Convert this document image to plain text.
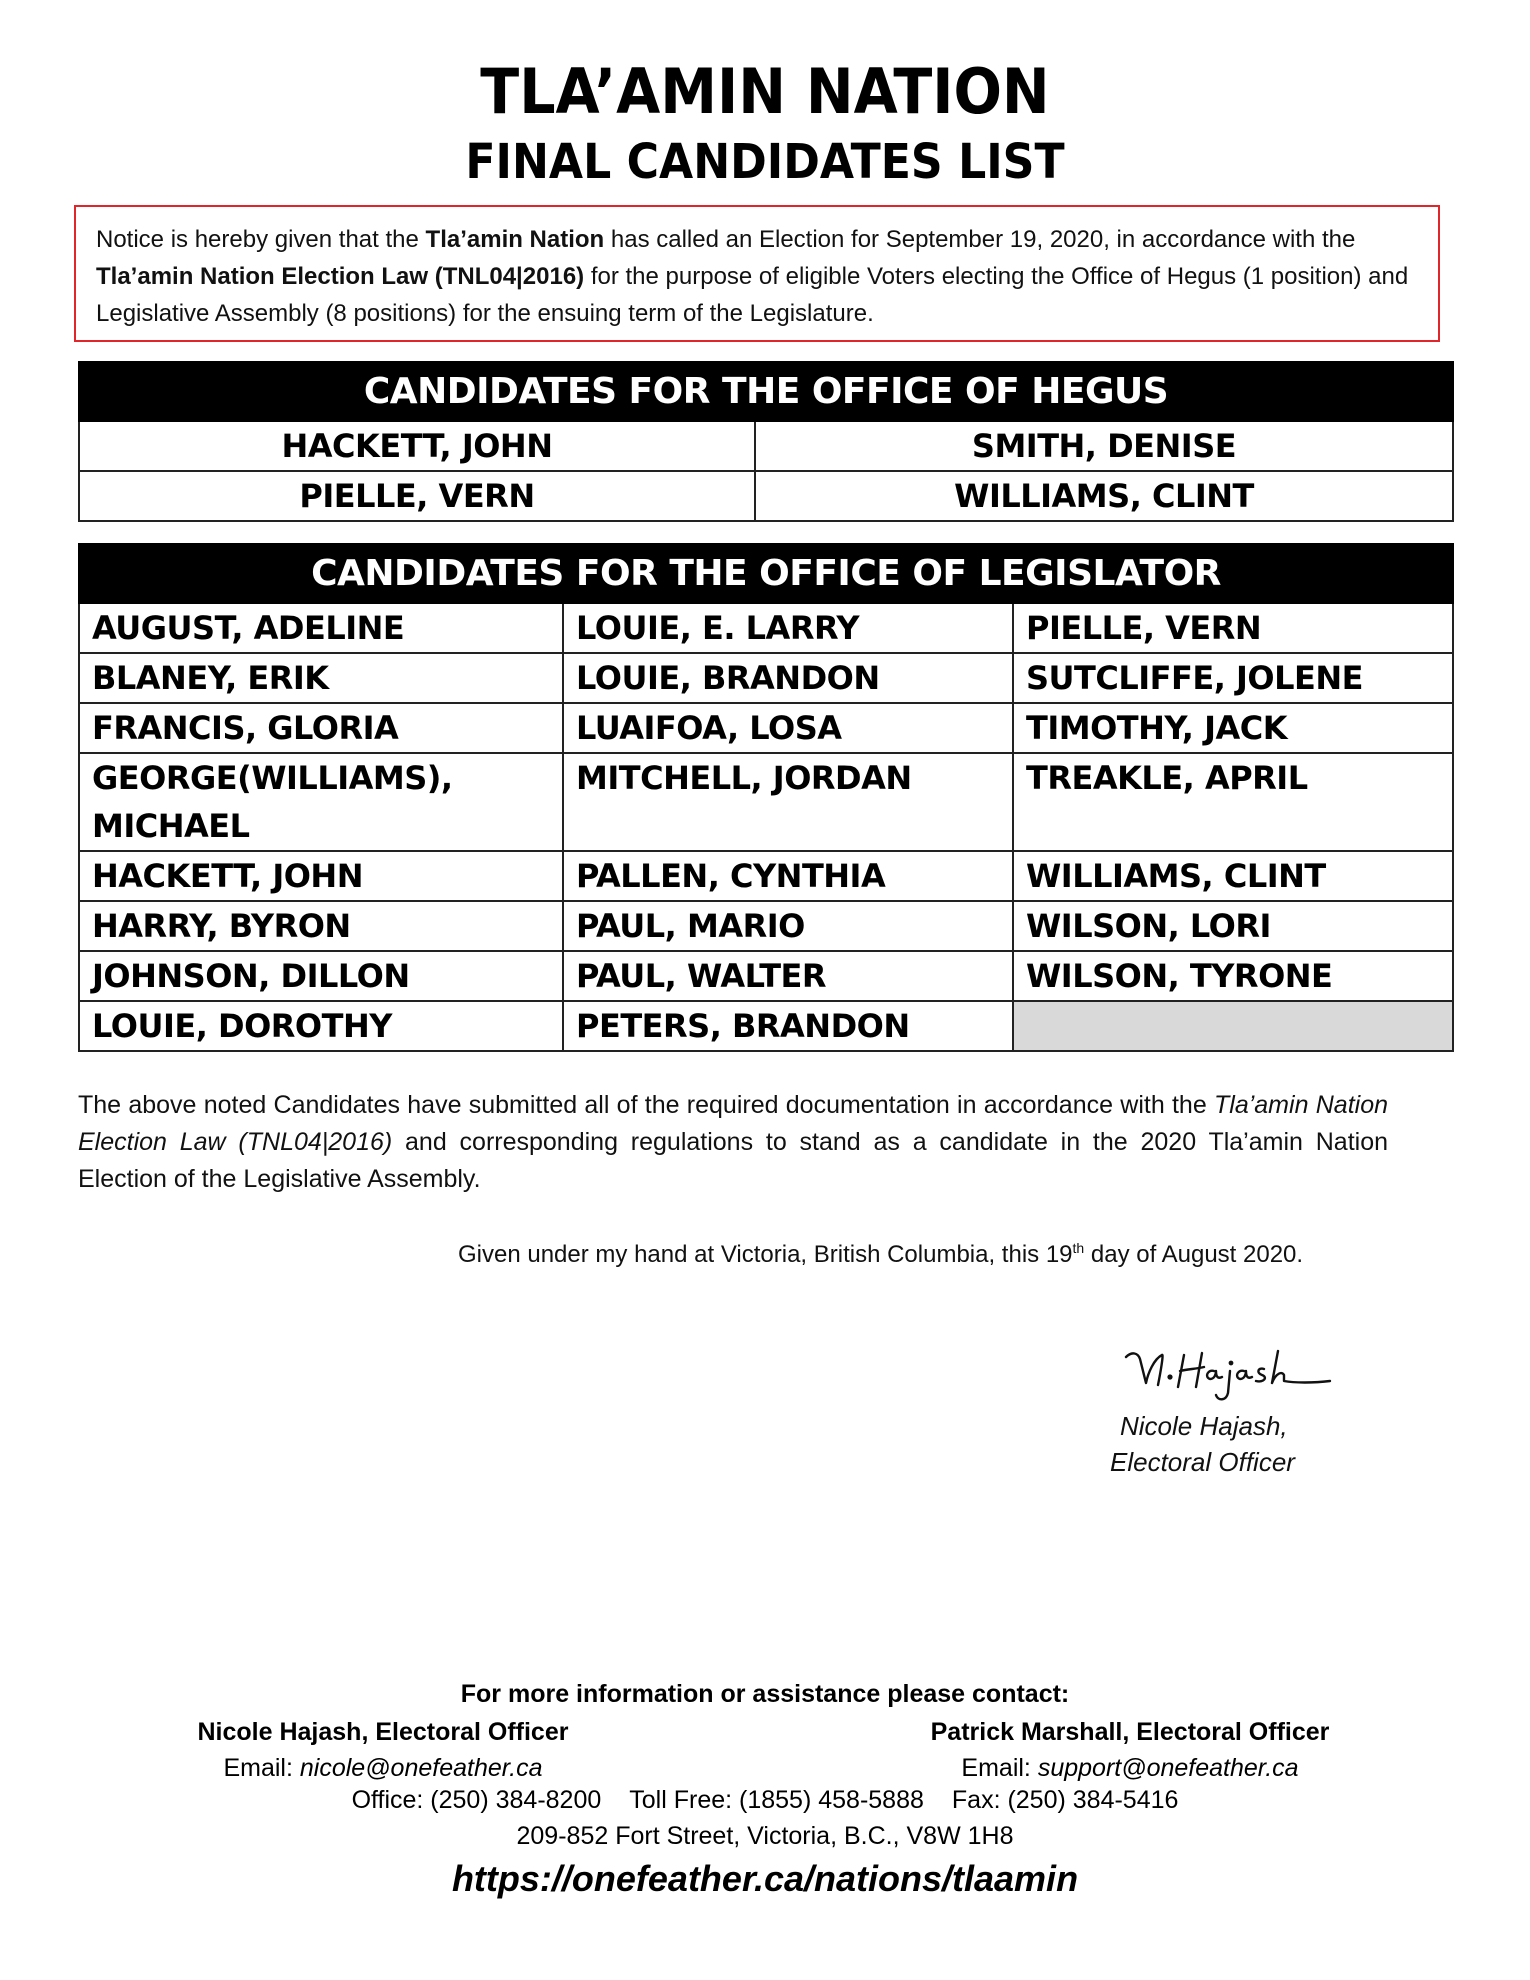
TLA’AMIN NATION
FINAL CANDIDATES LIST
Notice is hereby given that the Tla’amin Nation has called an Election for September 19, 2020, in accordance with the Tla’amin Nation Election Law (TNL04|2016) for the purpose of eligible Voters electing the Office of Hegus (1 position) and Legislative Assembly (8 positions) for the ensuing term of the Legislature.
CANDIDATES FOR THE OFFICE OF HEGUS	
HACKETT, JOHN	SMITH, DENISE
PIELLE, VERN	WILLIAMS, CLINT
CANDIDATES FOR THE OFFICE OF LEGISLATOR		
AUGUST, ADELINE	LOUIE, E. LARRY	PIELLE, VERN
BLANEY, ERIK	LOUIE, BRANDON	SUTCLIFFE, JOLENE
FRANCIS, GLORIA	LUAIFOA, LOSA	TIMOTHY, JACK
GEORGE(WILLIAMS), MICHAEL	MITCHELL, JORDAN	TREAKLE, APRIL
HACKETT, JOHN	PALLEN, CYNTHIA	WILLIAMS, CLINT
HARRY, BYRON	PAUL, MARIO	WILSON, LORI
JOHNSON, DILLON	PAUL, WALTER	WILSON, TYRONE
LOUIE, DOROTHY	PETERS, BRANDON	
The above noted Candidates have submitted all of the required documentation in accordance with the Tla’amin Nation Election Law (TNL04|2016) and corresponding regulations to stand as a candidate in the 2020 Tla’amin Nation Election of the Legislative Assembly.
Given under my hand at Victoria, British Columbia, this 19th day of August 2020.
Nicole Hajash,
Electoral Officer
For more information or assistance please contact:
Nicole Hajash, Electoral Officer
Email: nicole@onefeather.ca
Patrick Marshall, Electoral Officer
Email: support@onefeather.ca
Office: (250) 384-8200 Toll Free: (1855) 458-5888 Fax: (250) 384-5416
209-852 Fort Street, Victoria, B.C., V8W 1H8
https://onefeather.ca/nations/tlaamin
